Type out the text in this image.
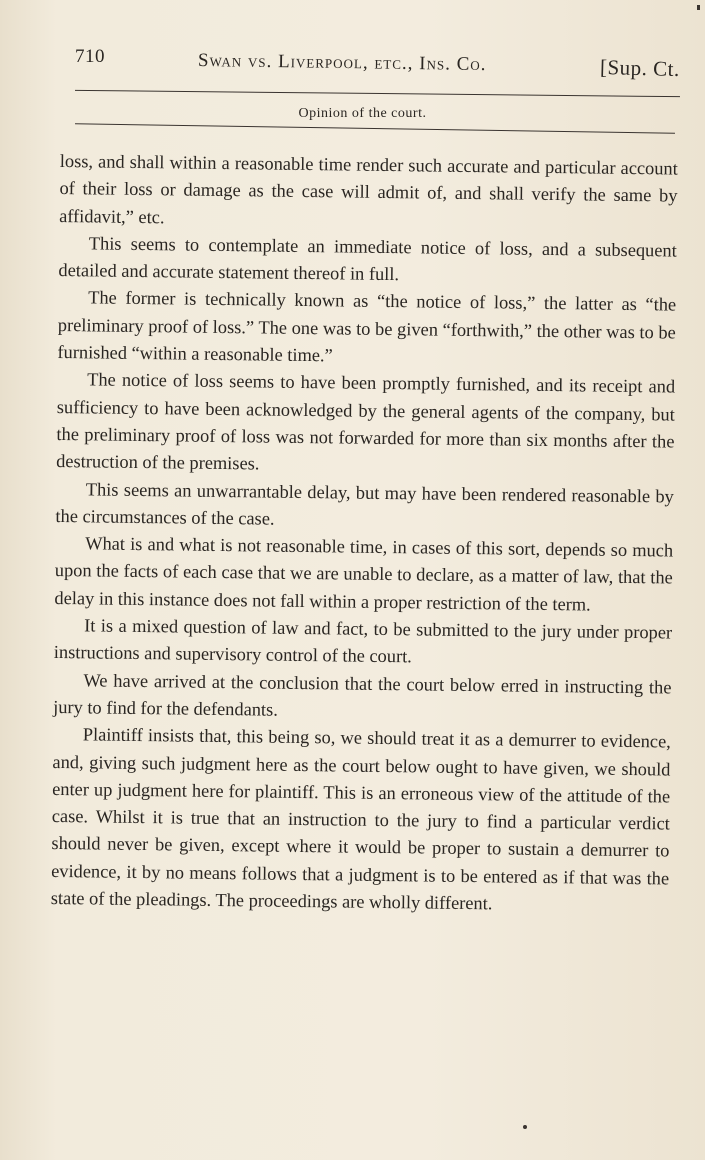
710	Swan vs. Liverpool, etc., Ins. Co.	[Sup. Ct.
Opinion of the court.

loss, and shall within a reasonable time render such accurate and particular account of their loss or damage as the case will admit of, and shall verify the same by affidavit,” etc.

This seems to contemplate an immediate notice of loss, and a subsequent detailed and accurate statement thereof in full.

The former is technically known as “the notice of loss,” the latter as “the preliminary proof of loss.” The one was to be given “forthwith,” the other was to be furnished “within a reasonable time.”

The notice of loss seems to have been promptly furnished, and its receipt and sufficiency to have been acknowledged by the general agents of the company, but the preliminary proof of loss was not forwarded for more than six months after the destruction of the premises.

This seems an unwarrantable delay, but may have been rendered reasonable by the circumstances of the case.

What is and what is not reasonable time, in cases of this sort, depends so much upon the facts of each case that we are unable to declare, as a matter of law, that the delay in this instance does not fall within a proper restriction of the term.

It is a mixed question of law and fact, to be submitted to the jury under proper instructions and supervisory control of the court.

We have arrived at the conclusion that the court below erred in instructing the jury to find for the defendants.

Plaintiff insists that, this being so, we should treat it as a demurrer to evidence, and, giving such judgment here as the court below ought to have given, we should enter up judgment here for plaintiff. This is an erroneous view of the attitude of the case. Whilst it is true that an instruction to the jury to find a particular verdict should never be given, except where it would be proper to sustain a demurrer to evidence, it by no means follows that a judgment is to be entered as if that was the state of the pleadings. The proceedings are wholly different.
